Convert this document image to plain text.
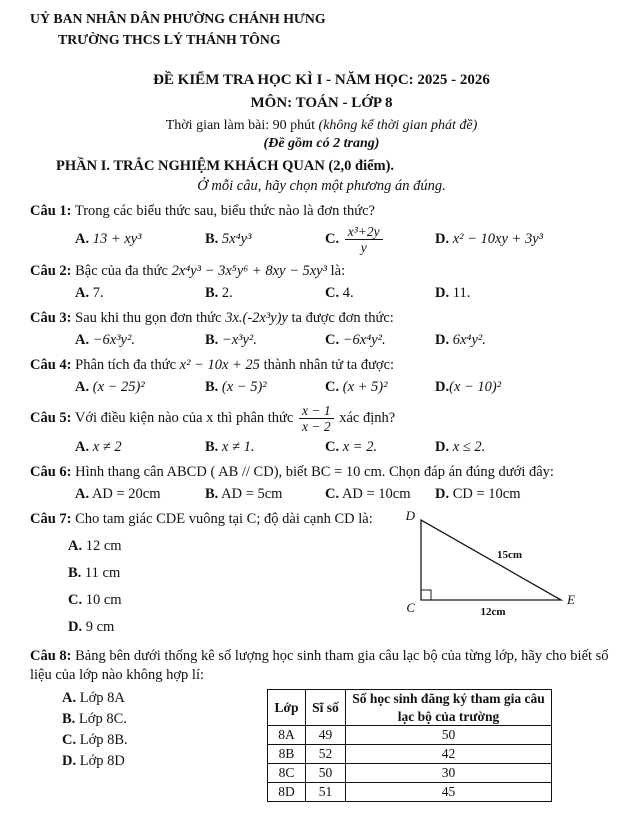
UỶ BAN NHÂN DÂN PHƯỜNG CHÁNH HƯNG
TRƯỜNG THCS LÝ THÁNH TÔNG
ĐỀ KIỂM TRA HỌC KÌ I - NĂM HỌC: 2025 - 2026
MÔN: TOÁN - LỚP 8
Thời gian làm bài: 90 phút (không kể thời gian phát đề)
(Đề gồm có 2 trang)
PHẦN I. TRẮC NGHIỆM KHÁCH QUAN (2,0 điểm).
Ở mỗi câu, hãy chọn một phương án đúng.
Câu 1: Trong các biểu thức sau, biểu thức nào là đơn thức?
A. 13 + xy³	B. 5x⁴y³	C. $\frac{\text{x³+2y}}{y}$	D. x² − 10xy + 3y³
Câu 2: Bậc của đa thức 2x⁴y³ − 3x⁵y⁶ + 8xy − 5xy³ là:
A. 7.	B. 2.	C. 4.	D. 11.
Câu 3: Sau khi thu gọn đơn thức 3x.(-2x³y)y ta được đơn thức:
A. −6x³y².	B. −x³y².	C. −6x⁴y².	D. 6x⁴y².
Câu 4: Phân tích đa thức x² − 10x + 25 thành nhân tử ta được:
A. (x − 25)²	B. (x − 5)²	C. (x + 5)²	D.(x − 10)²
Câu 5: Với điều kiện nào của x thì phân thức $\frac{x - 1}{x - 2}$ xác định?
A. x ≠ 2	B. x ≠ 1.	C. x = 2.	D. x ≤ 2.
Câu 6: Hình thang cân ABCD ( AB // CD), biết BC = 10 cm. Chọn đáp án đúng dưới đây:
A. AD = 20cm	B. AD = 5cm	C. AD = 10cm	D. CD = 10cm
Câu 7: Cho tam giác CDE vuông tại C; độ dài cạnh CD là:
A. 12 cm
B. 11 cm
C. 10 cm
D. 9 cm
D
C
E
15cm
12cm
Câu 8: Bảng bên dưới thống kê số lượng học sinh tham gia câu lạc bộ của từng lớp, hãy cho biết số liệu của lớp nào không hợp lí:
A. Lớp 8A
B. Lớp 8C.
C. Lớp 8B.
D. Lớp 8D
Lớp	Sĩ số	Số học sinh đăng ký tham gia câu lạc bộ của trường
8A	49	50
8B	52	42
8C	50	30
8D	51	45
